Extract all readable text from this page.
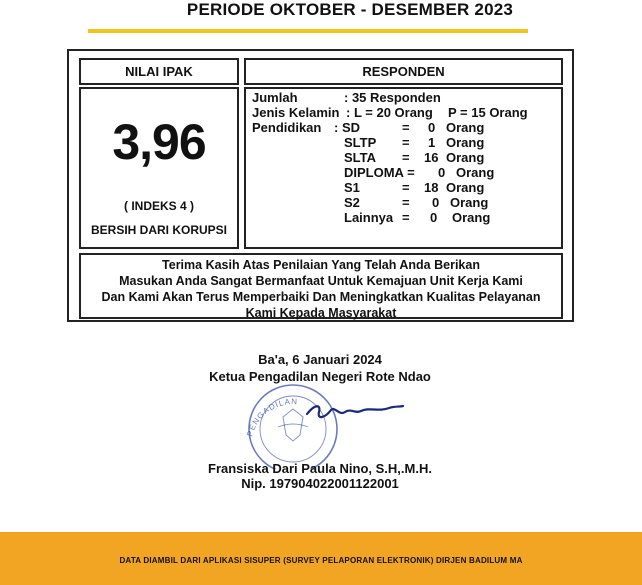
PERIODE OKTOBER - DESEMBER 2023
NILAI IPAK	RESPONDEN
3,96
( INDEKS 4 )
BERSIH DARI KORUPSI
Jumlah	: 35 Responden
Jenis Kelamin : L = 20 Orang P = 15 Orang
Pendidikan : SD	= 0 Orang
SLTP = 1 Orang
SLTA = 16 Orang
DIPLOMA = 0 Orang
S1	= 18 Orang
S2	= 0 Orang
Lainnya = 0 Orang
Terima Kasih Atas Penilaian Yang Telah Anda Berikan
Masukan Anda Sangat Bermanfaat Untuk Kemajuan Unit Kerja Kami
Dan Kami Akan Terus Memperbaiki Dan Meningkatkan Kualitas Pelayanan
Kami Kepada Masyarakat
PENGADILAN
Ba'a, 6 Januari 2024
Ketua Pengadilan Negeri Rote Ndao
Fransiska Dari Paula Nino, S.H,.M.H.
Nip. 197904022001122001
DATA DIAMBIL DARI APLIKASI SISUPER (SURVEY PELAPORAN ELEKTRONIK) DIRJEN BADILUM MA
